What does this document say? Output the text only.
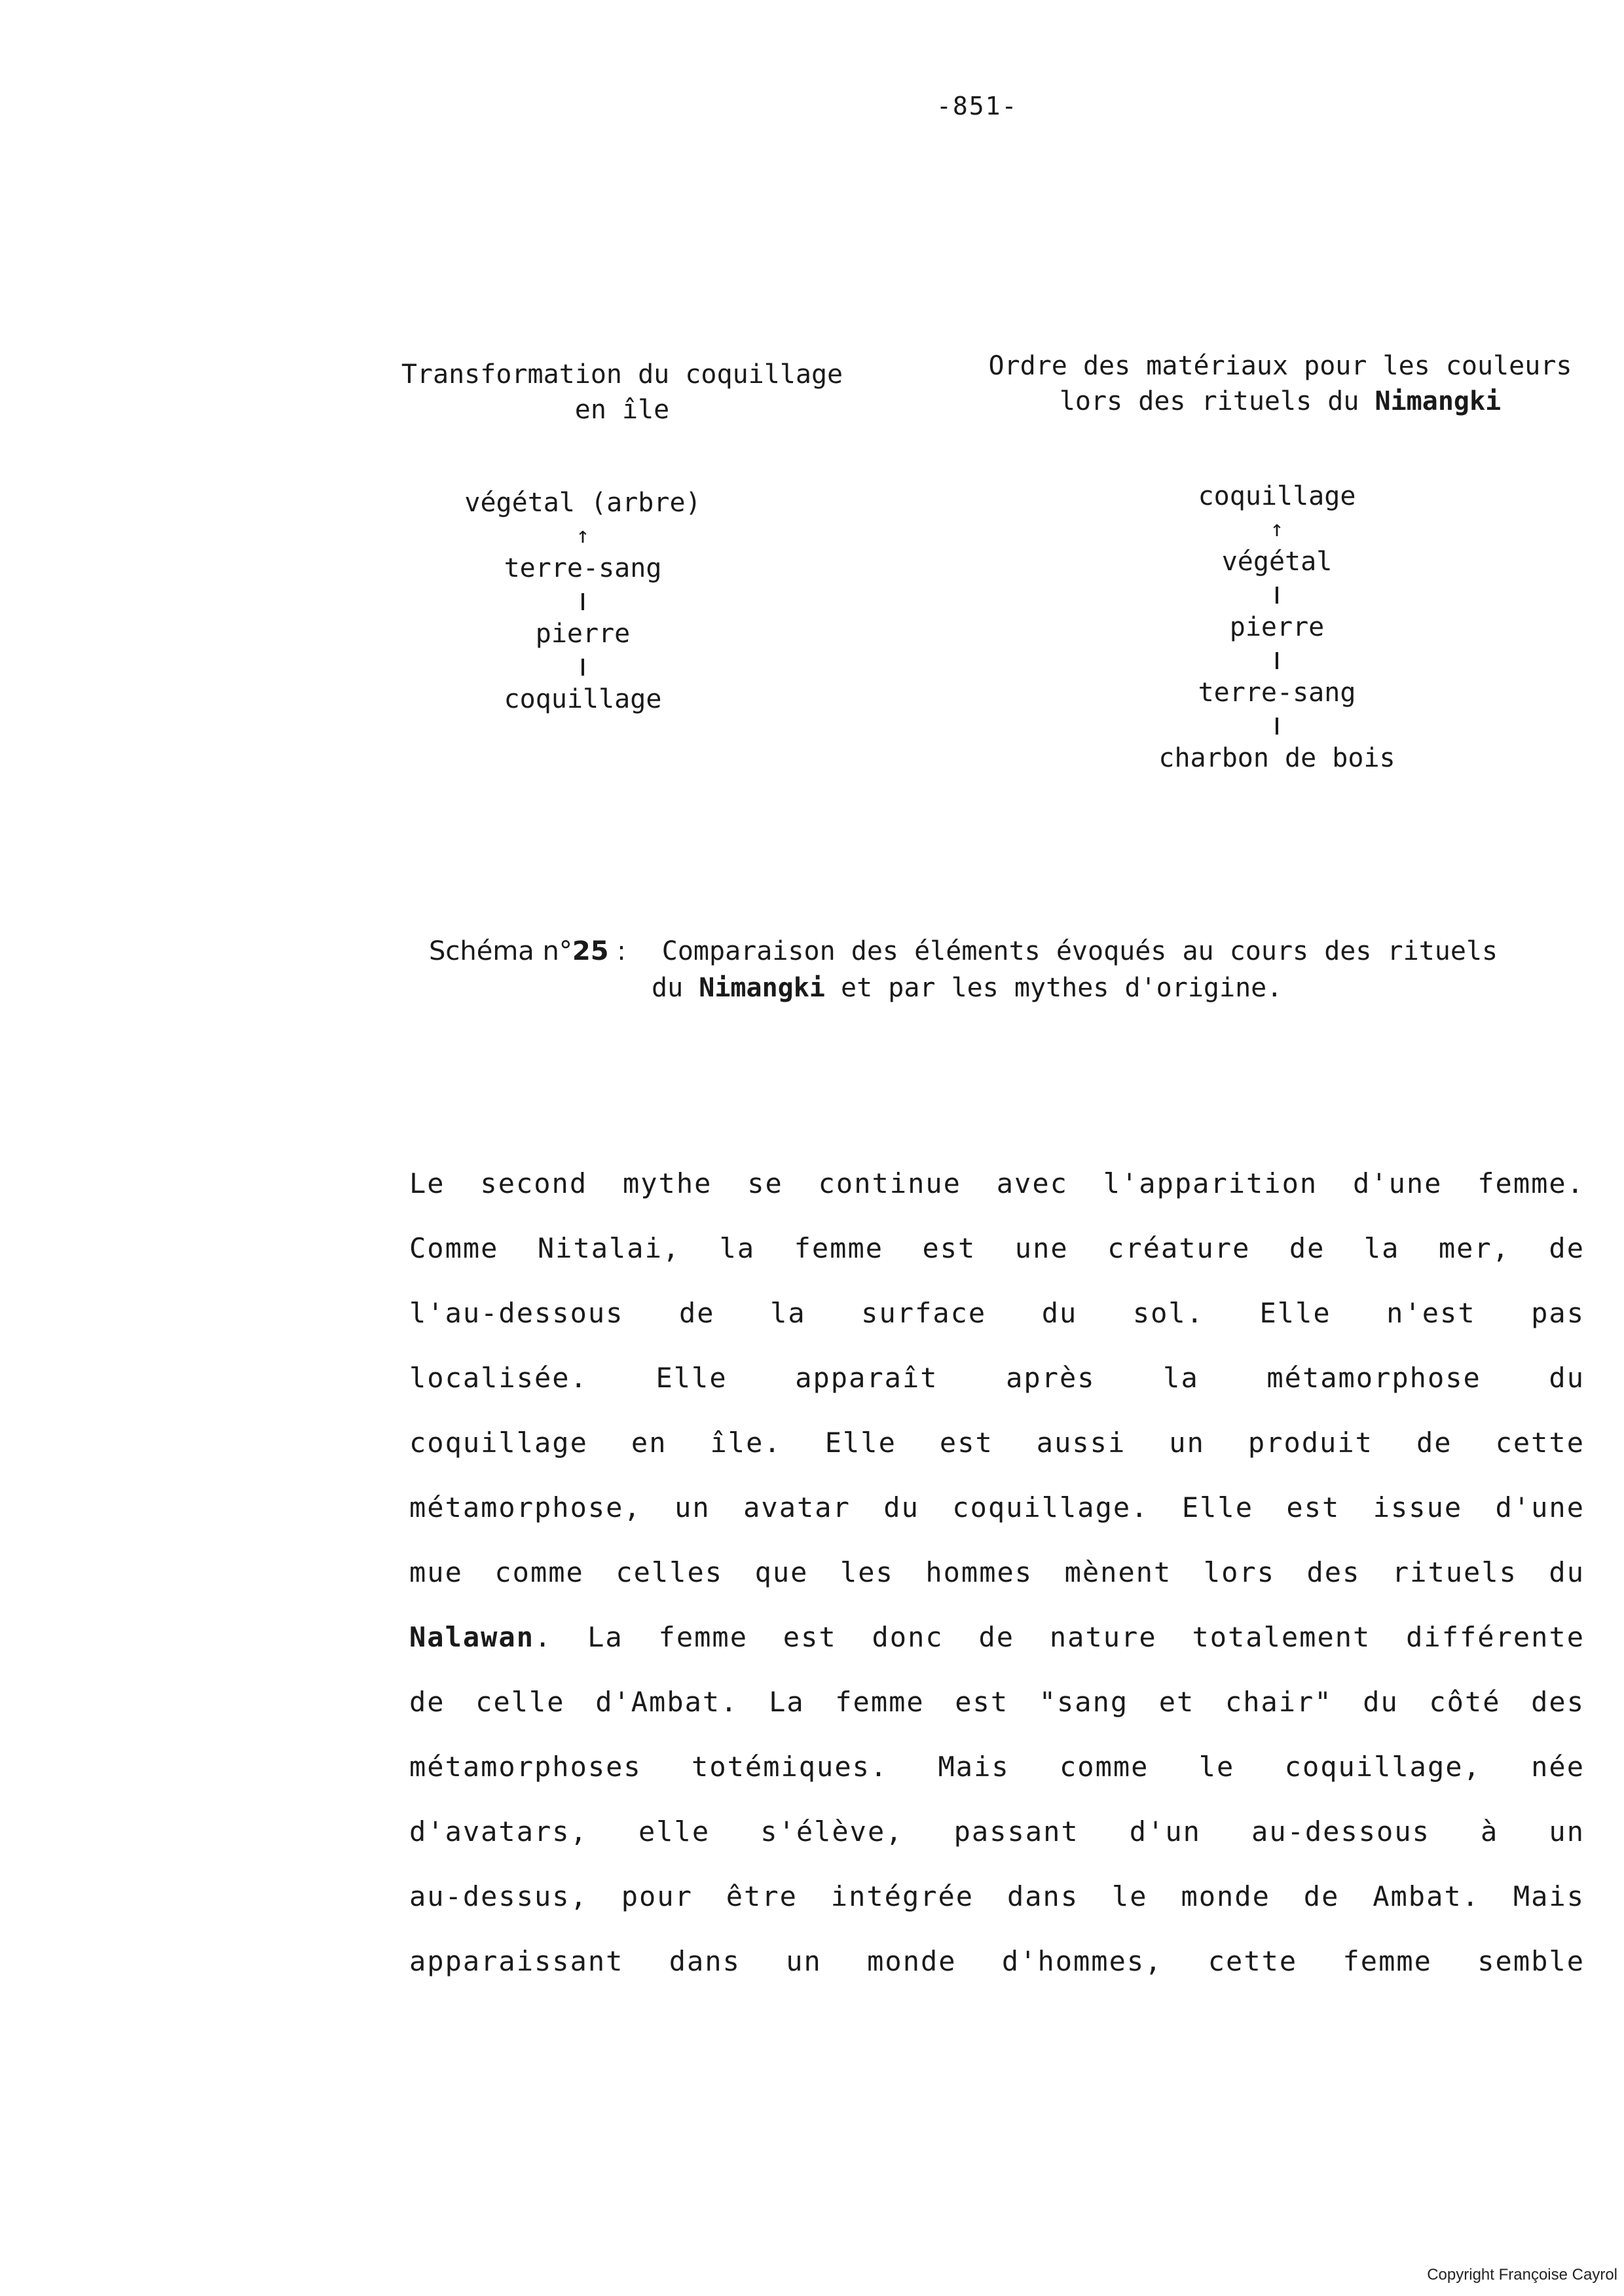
-851-
Transformation du coquillage
en île
Ordre des matériaux pour les couleurs
lors des rituels du Nimangki
végétal (arbre)
↑
terre-sang
pierre
coquillage
coquillage
↑
végétal
pierre
terre-sang
charbon de bois
Schéma n°25 : Comparaison des éléments évoqués au cours des rituels
du Nimangki et par les mythes d'origine.
Le second mythe se continue avec l'apparition d'une femme.
Comme Nitalai, la femme est une créature de la mer, de
l'au-dessous de la surface du sol. Elle n'est pas
localisée. Elle apparaît après la métamorphose du
coquillage en île. Elle est aussi un produit de cette
métamorphose, un avatar du coquillage. Elle est issue d'une
mue comme celles que les hommes mènent lors des rituels du
Nalawan. La femme est donc de nature totalement différente
de celle d'Ambat. La femme est "sang et chair" du côté des
métamorphoses totémiques. Mais comme le coquillage, née
d'avatars, elle s'élève, passant d'un au-dessous à un
au-dessus, pour être intégrée dans le monde de Ambat. Mais
apparaissant dans un monde d'hommes, cette femme semble
Copyright Françoise Cayrol
